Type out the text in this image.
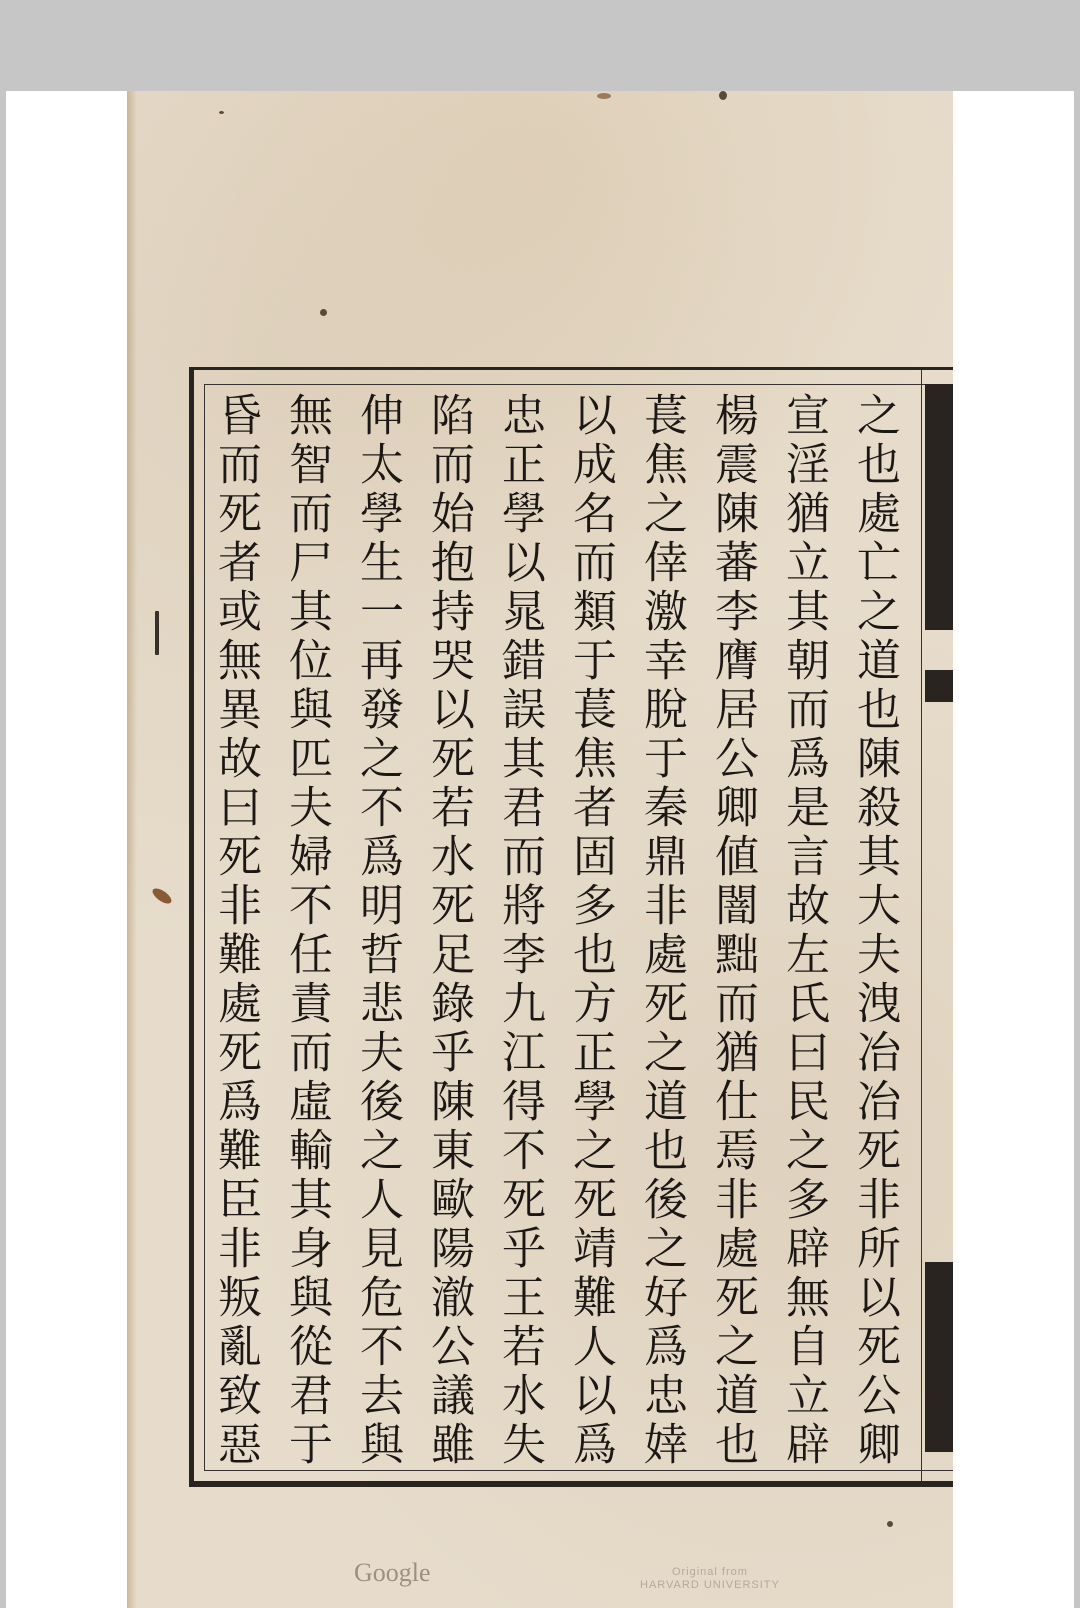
之也處亡之道也陳殺其大夫洩冶冶死非所以死公卿
宣淫猶立其朝而爲是言故左氏曰民之多辟無自立辟
楊震陳蕃李膺居公卿値闇黜而猶仕焉非處死之道也
萇焦之倖激幸脫于秦鼎非處死之道也後之好爲忠婞
以成名而類于萇焦者固多也方正學之死靖難人以爲
忠正學以晁錯誤其君而將李九江得不死乎王若水失
陷而始抱持哭以死若水死足錄乎陳東歐陽澈公議雖
伸太學生一再發之不爲明哲悲夫後之人見危不去與
無智而尸其位與匹夫婦不任責而虛輸其身與從君于
昏而死者或無異故曰死非難處死爲難臣非叛亂致惡
Google	Original from
HARVARD UNIVERSITY
